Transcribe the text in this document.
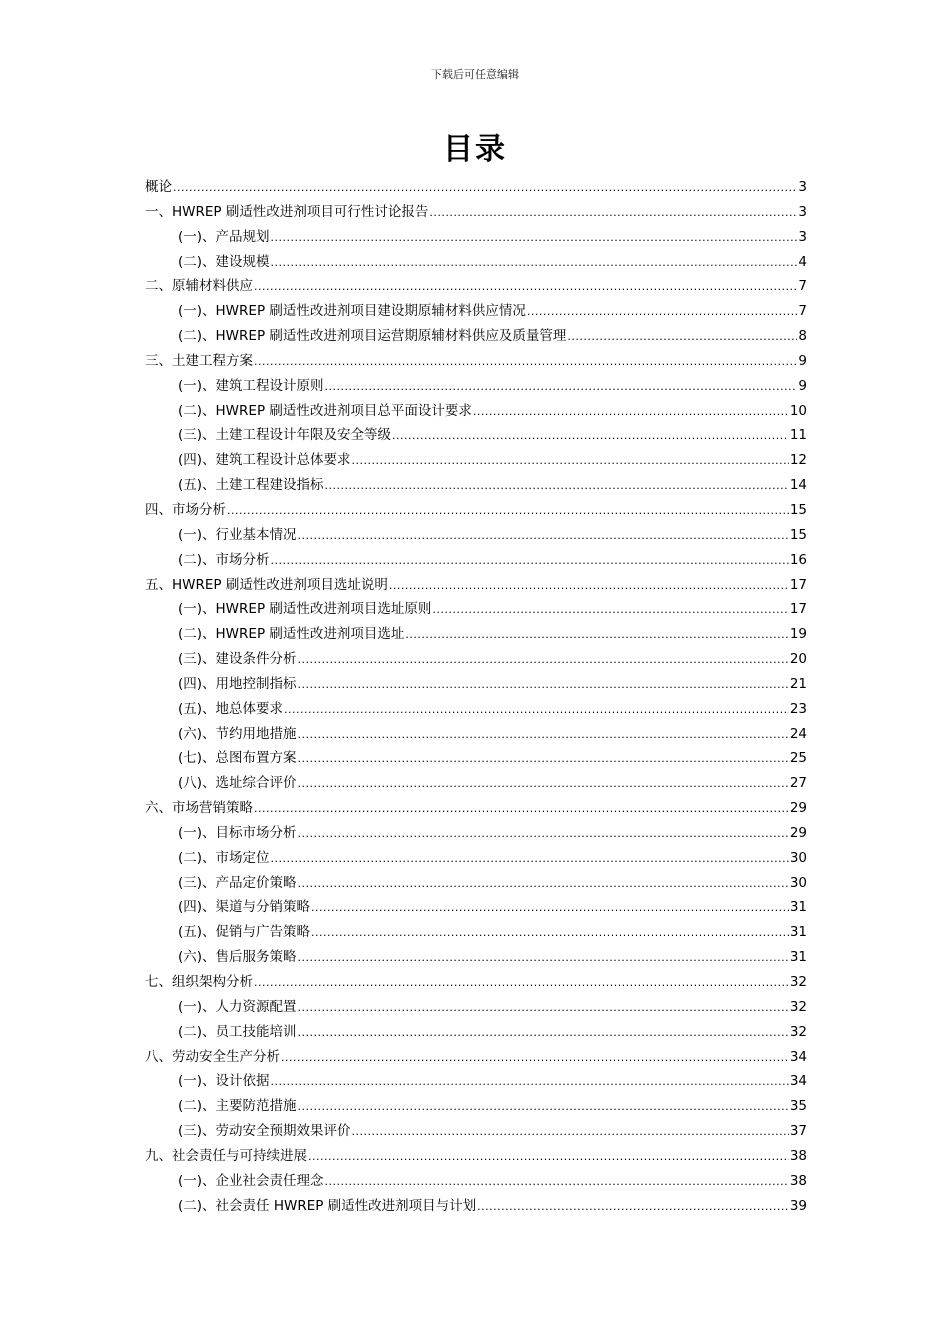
下载后可任意编辑
目录
概论 .....	3
一、HWREP 刷适性改进剂项目可行性讨论报告 .....	3
(一)、产品规划 .....	3
(二)、建设规模 .....	4
二、原辅材料供应 .....	7
(一)、HWREP 刷适性改进剂项目建设期原辅材料供应情况 .....	7
(二)、HWREP 刷适性改进剂项目运营期原辅材料供应及质量管理 .....	8
三、土建工程方案 .....	9
(一)、建筑工程设计原则 .....	9
(二)、HWREP 刷适性改进剂项目总平面设计要求 .....	10
(三)、土建工程设计年限及安全等级 .....	11
(四)、建筑工程设计总体要求 .....	12
(五)、土建工程建设指标 .....	14
四、市场分析 .....	15
(一)、行业基本情况 .....	15
(二)、市场分析 .....	16
五、HWREP 刷适性改进剂项目选址说明 .....	17
(一)、HWREP 刷适性改进剂项目选址原则 .....	17
(二)、HWREP 刷适性改进剂项目选址 .....	19
(三)、建设条件分析 .....	20
(四)、用地控制指标 .....	21
(五)、地总体要求 .....	23
(六)、节约用地措施 .....	24
(七)、总图布置方案 .....	25
(八)、选址综合评价 .....	27
六、市场营销策略 .....	29
(一)、目标市场分析 .....	29
(二)、市场定位 .....	30
(三)、产品定价策略 .....	30
(四)、渠道与分销策略 .....	31
(五)、促销与广告策略 .....	31
(六)、售后服务策略 .....	31
七、组织架构分析 .....	32
(一)、人力资源配置 .....	32
(二)、员工技能培训 .....	32
八、劳动安全生产分析 .....	34
(一)、设计依据 .....	34
(二)、主要防范措施 .....	35
(三)、劳动安全预期效果评价 .....	37
九、社会责任与可持续进展 .....	38
(一)、企业社会责任理念 .....	38
(二)、社会责任 HWREP 刷适性改进剂项目与计划 .....	39
